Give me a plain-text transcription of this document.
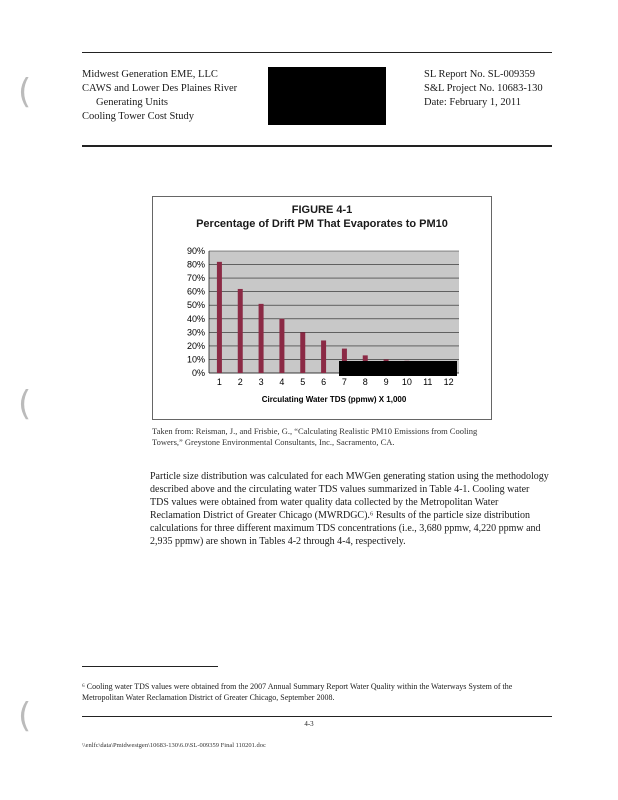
(
(
(
Midwest Generation EME, LLC
CAWS and Lower Des Plaines River
Generating Units
Cooling Tower Cost Study
SL Report No. SL-009359
S&L Project No. 10683-130
Date: February 1, 2011
FIGURE 4-1
Percentage of Drift PM That Evaporates to PM10
0%
10%
20%
30%
40%
50%
60%
70%
80%
90%
1 2 3 4 5 6 7 8 9 10 11 12
Circulating Water TDS (ppmw) X 1,000
Taken from: Reisman, J., and Frisbie, G., “Calculating Realistic PM10 Emissions from Cooling Towers,” Greystone Environmental Consultants, Inc., Sacramento, CA.
Particle size distribution was calculated for each MWGen generating station using the methodology described above and the circulating water TDS values summarized in Table 4-1. Cooling water TDS values were obtained from water quality data collected by the Metropolitan Water Reclamation District of Greater Chicago (MWRDGC).⁶ Results of the particle size distribution calculations for three different maximum TDS concentrations (i.e., 3,680 ppmw, 4,220 ppmw and 2,935 ppmw) are shown in Tables 4-2 through 4-4, respectively.
⁶ Cooling water TDS values were obtained from the 2007 Annual Summary Report Water Quality within the Waterways System of the Metropolitan Water Reclamation District of Greater Chicago, September 2008.
4-3
\\enlfc\data\Pmidwestgen\10683-130\6.0\SL-009359 Final 110201.doc
